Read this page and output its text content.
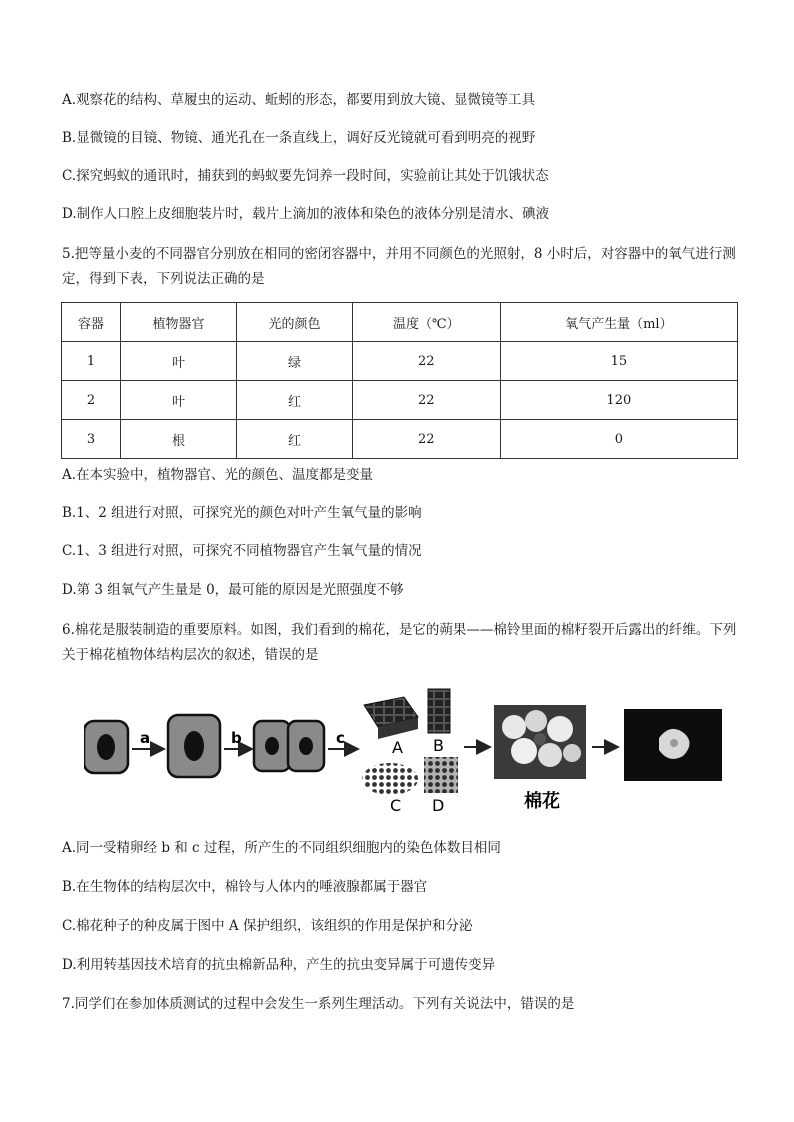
A.观察花的结构、草履虫的运动、蚯蚓的形态，都要用到放大镜、显微镜等工具
B.显微镜的目镜、物镜、通光孔在一条直线上，调好反光镜就可看到明亮的视野
C.探究蚂蚁的通讯时，捕获到的蚂蚁要先饲养一段时间，实验前让其处于饥饿状态
D.制作人口腔上皮细胞装片时，载片上滴加的液体和染色的液体分别是清水、碘液
5.把等量小麦的不同器官分别放在相同的密闭容器中，并用不同颜色的光照射，8 小时后，对容器中的氧气进行测定，得到下表，下列说法正确的是
容器	植物器官	光的颜色	温度（℃）	氧气产生量（ml）
1	叶	绿	22	15
2	叶	红	22	120
3	根	红	22	0
A.在本实验中，植物器官、光的颜色、温度都是变量
B.1、2 组进行对照，可探究光的颜色对叶产生氧气量的影响
C.1、3 组进行对照，可探究不同植物器官产生氧气量的情况
D.第 3 组氧气产生量是 0，最可能的原因是光照强度不够
6.棉花是服装制造的重要原料。如图，我们看到的棉花，是它的蒴果——棉铃里面的棉籽裂开后露出的纤维。下列关于棉花植物体结构层次的叙述，错误的是
a	b	c	A B
C D	棉花
A.同一受精卵经 b 和 c 过程，所产生的不同组织细胞内的染色体数目相同
B.在生物体的结构层次中，棉铃与人体内的唾液腺都属于器官
C.棉花种子的种皮属于图中 A 保护组织，该组织的作用是保护和分泌
D.利用转基因技术培育的抗虫棉新品种，产生的抗虫变异属于可遗传变异
7.同学们在参加体质测试的过程中会发生一系列生理活动。下列有关说法中，错误的是
